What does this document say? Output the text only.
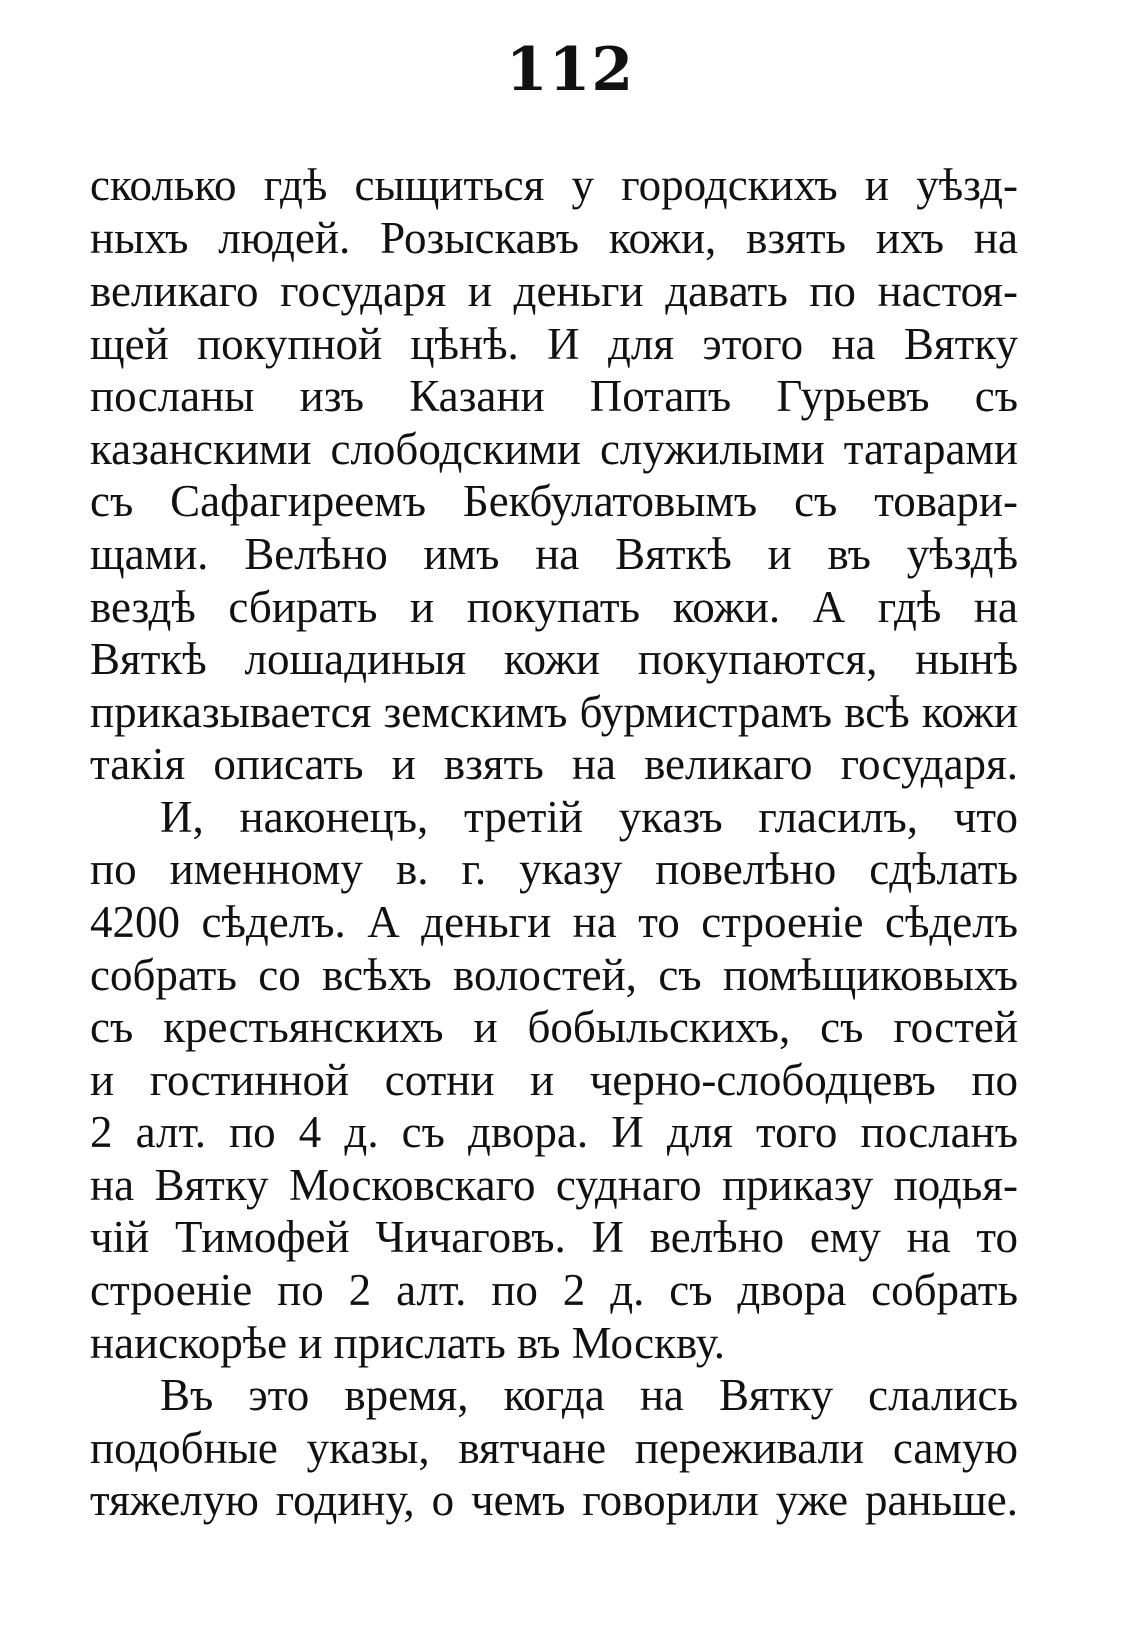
112
сколько гдѣ сыщиться у городскихъ и уѣзд-
ныхъ людей. Розыскавъ кожи, взять ихъ на
великаго государя и деньги давать по настоя-
щей покупной цѣнѣ. И для этого на Вятку
посланы изъ Казани Потапъ Гурьевъ съ
казанскими слободскими служилыми татарами
съ Сафагиреемъ Бекбулатовымъ съ товари-
щами. Велѣно имъ на Вяткѣ и въ уѣздѣ
вездѣ сбирать и покупать кожи. А гдѣ на
Вяткѣ лошадиныя кожи покупаются, нынѣ
приказывается земскимъ бурмистрамъ всѣ кожи
такія описать и взять на великаго государя.
И, наконецъ, третій указъ гласилъ, что
по именному в. г. указу повелѣно сдѣлать
4200 сѣделъ. А деньги на то строеніе сѣделъ
собрать со всѣхъ волостей, съ помѣщиковыхъ
съ крестьянскихъ и бобыльскихъ, съ гостей
и гостинной сотни и черно-слободцевъ по
2 алт. по 4 д. съ двора. И для того посланъ
на Вятку Московскаго суднаго приказу подья-
чій Тимофей Чичаговъ. И велѣно ему на то
строеніе по 2 алт. по 2 д. съ двора собрать
наискорѣе и прислать въ Москву.
Въ это время, когда на Вятку слались
подобные указы, вятчане переживали самую
тяжелую годину, о чемъ говорили уже раньше.
